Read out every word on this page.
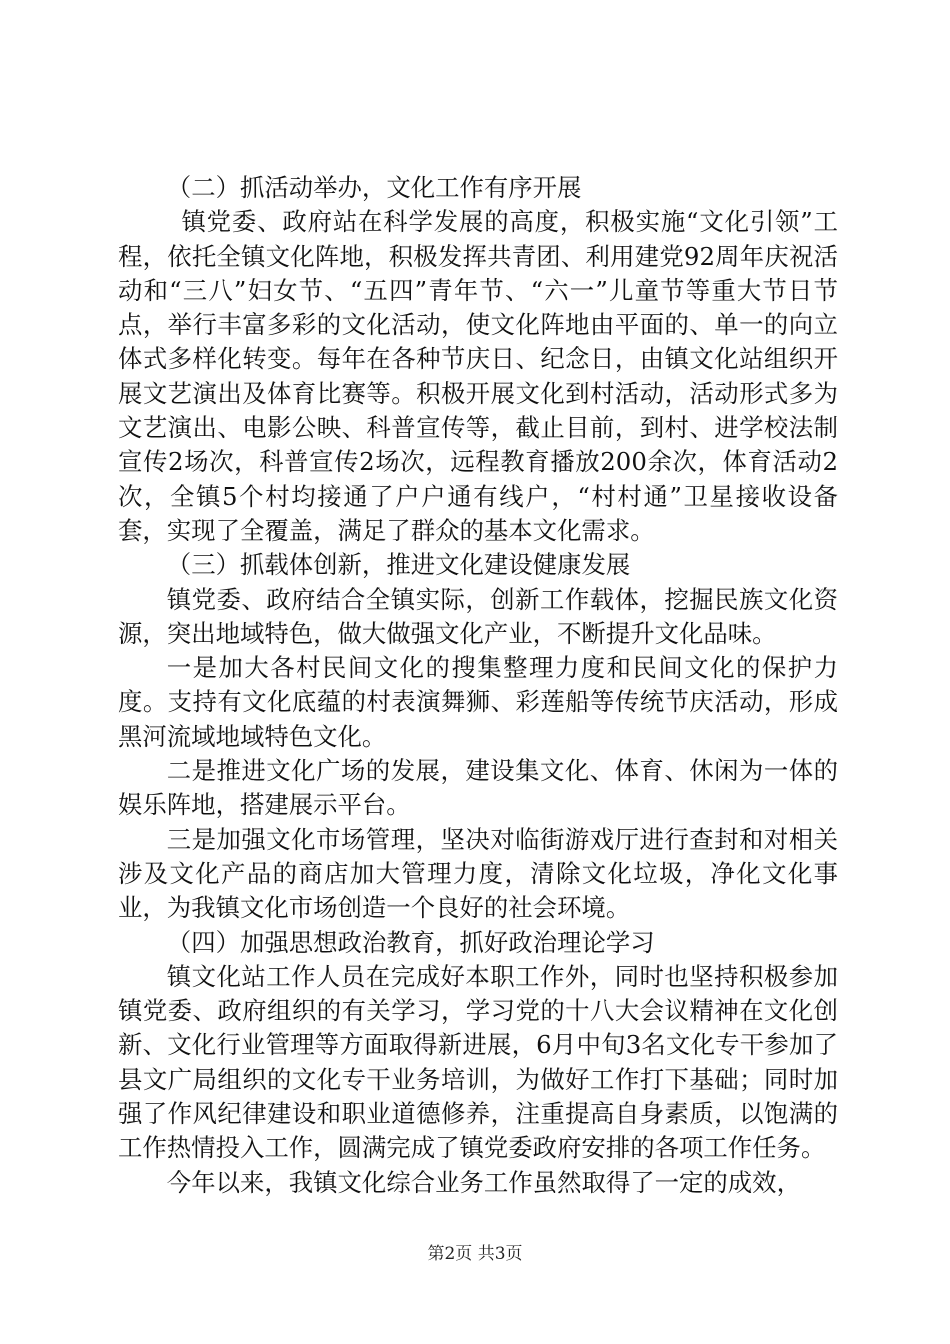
（二）抓活动举办，文化工作有序开展

镇党委、政府站在科学发展的高度，积极实施“文化引领”工程，依托全镇文化阵地，积极发挥共青团、利用建党92周年庆祝活动和“三八”妇女节、“五四”青年节、“六一”儿童节等重大节日节点，举行丰富多彩的文化活动，使文化阵地由平面的、单一的向立体式多样化转变。每年在各种节庆日、纪念日，由镇文化站组织开展文艺演出及体育比赛等。积极开展文化到村活动，活动形式多为文艺演出、电影公映、科普宣传等，截止目前，到村、进学校法制宣传2场次，科普宣传2场次，远程教育播放200余次，体育活动2次，全镇5个村均接通了户户通有线户，“村村通”卫星接收设备套，实现了全覆盖，满足了群众的基本文化需求。

（三）抓载体创新，推进文化建设健康发展

镇党委、政府结合全镇实际，创新工作载体，挖掘民族文化资源，突出地域特色，做大做强文化产业，不断提升文化品味。

一是加大各村民间文化的搜集整理力度和民间文化的保护力度。支持有文化底蕴的村表演舞狮、彩莲船等传统节庆活动，形成黑河流域地域特色文化。

二是推进文化广场的发展，建设集文化、体育、休闲为一体的娱乐阵地，搭建展示平台。

三是加强文化市场管理，坚决对临街游戏厅进行查封和对相关涉及文化产品的商店加大管理力度，清除文化垃圾，净化文化事业，为我镇文化市场创造一个良好的社会环境。

（四）加强思想政治教育，抓好政治理论学习

镇文化站工作人员在完成好本职工作外，同时也坚持积极参加镇党委、政府组织的有关学习，学习党的十八大会议精神在文化创新、文化行业管理等方面取得新进展，6月中旬3名文化专干参加了县文广局组织的文化专干业务培训，为做好工作打下基础；同时加强了作风纪律建设和职业道德修养，注重提高自身素质，以饱满的工作热情投入工作，圆满完成了镇党委政府安排的各项工作任务。

今年以来，我镇文化综合业务工作虽然取得了一定的成效，

第2页 共3页
